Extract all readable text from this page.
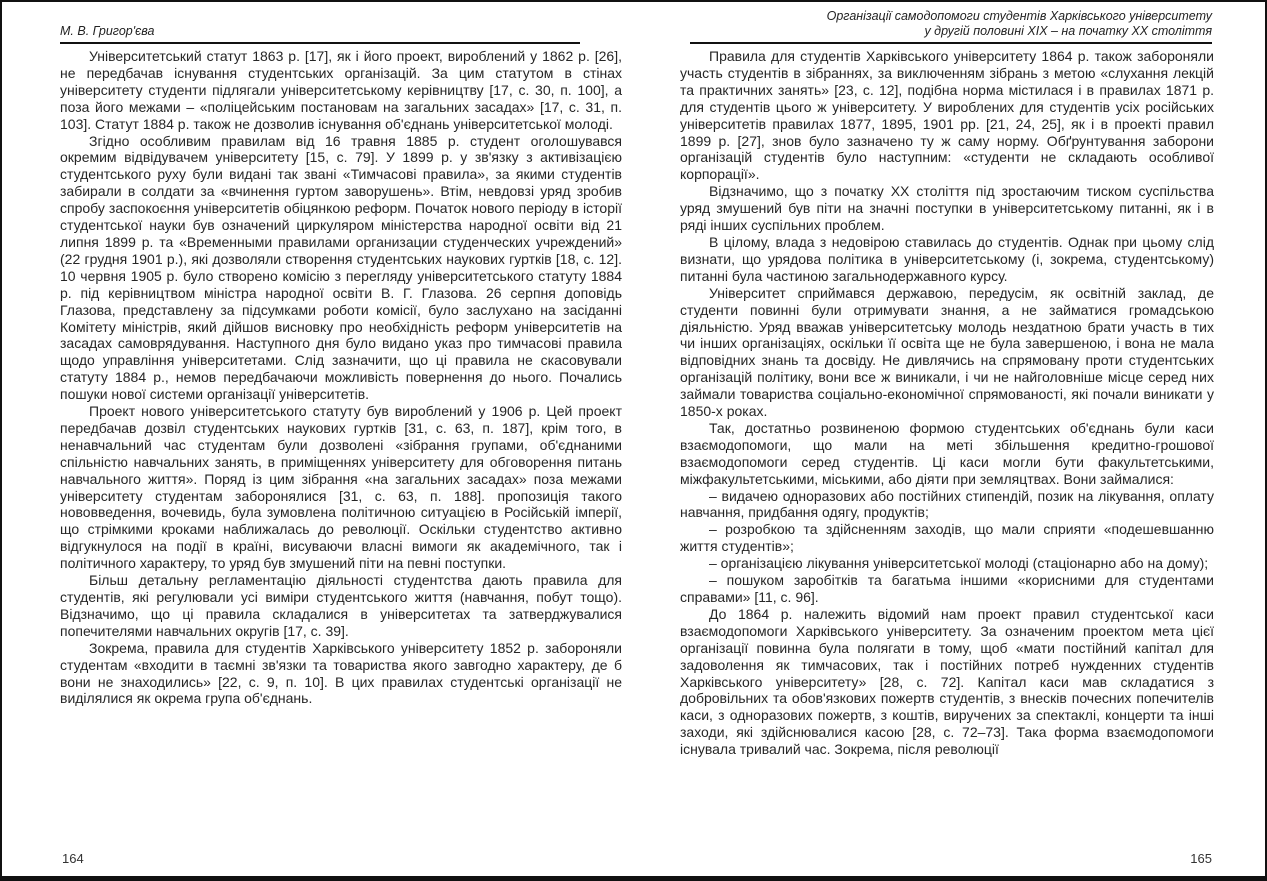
М. В. Григор'єва
Організації самодопомоги студентів Харківського університету
у другій половині XIX – на початку XX століття

Університетський статут 1863 р. [17], як і його проект, вироблений у 1862 р. [26], не передбачав існування студентських організацій. За цим статутом в стінах університету студенти підлягали університетському керівництву [17, с. 30, п. 100], а поза його межами – «поліцейським постановам на загальних засадах» [17, с. 31, п. 103]. Статут 1884 р. також не дозволив існування об'єднань університетської молоді.

Згідно особливим правилам від 16 травня 1885 р. студент оголошувався окремим відвідувачем університету [15, с. 79]. У 1899 р. у зв'язку з активізацією студентського руху були видані так звані «Тимчасові правила», за якими студентів забирали в солдати за «вчинення гуртом заворушень». Втім, невдовзі уряд зробив спробу заспокоєння університетів обіцянкою реформ. Початок нового періоду в історії студентської науки був означений циркуляром міністерства народної освіти від 21 липня 1899 р. та «Временными правилами организации студенческих учреждений» (22 грудня 1901 р.), які дозволяли створення студентських наукових гуртків [18, с. 12]. 10 червня 1905 р. було створено комісію з перегляду університетського статуту 1884 р. під керівництвом міністра народної освіти В. Г. Глазова. 26 серпня доповідь Глазова, представлену за підсумками роботи комісії, було заслухано на засіданні Комітету міністрів, який дійшов висновку про необхідність реформ університетів на засадах самоврядування. Наступного дня було видано указ про тимчасові правила щодо управління університетами. Слід зазначити, що ці правила не скасовували статуту 1884 р., немов передбачаючи можливість повернення до нього. Почались пошуки нової системи організації університетів.

Проект нового університетського статуту був вироблений у 1906 р. Цей проект передбачав дозвіл студентських наукових гуртків [31, с. 63, п. 187], крім того, в ненавчальний час студентам були дозволені «зібрання групами, об'єднаними спільністю навчальних занять, в приміщеннях університету для обговорення питань навчального життя». Поряд із цим зібрання «на загальних засадах» поза межами університету студентам заборонялися [31, с. 63, п. 188]. пропозиція такого нововведення, вочевидь, була зумовлена політичною ситуацією в Російській імперії, що стрімкими кроками наближалась до революції. Оскільки студентство активно відгукнулося на події в країні, висуваючи власні вимоги як академічного, так і політичного характеру, то уряд був змушений піти на певні поступки.

Більш детальну регламентацію діяльності студентства дають правила для студентів, які регулювали усі виміри студентського життя (навчання, побут тощо). Відзначимо, що ці правила складалися в університетах та затверджувалися попечителями навчальних округів [17, с. 39].

Зокрема, правила для студентів Харківського університету 1852 р. забороняли студентам «входити в таємні зв'язки та товариства якого завгодно характеру, де б вони не знаходились» [22, с. 9, п. 10]. В цих правилах студентські організації не виділялися як окрема група об'єднань.

Правила для студентів Харківського університету 1864 р. також забороняли участь студентів в зібраннях, за виключенням зібрань з метою «слухання лекцій та практичних занять» [23, с. 12], подібна норма містилася і в правилах 1871 р. для студентів цього ж університету. У вироблених для студентів усіх російських університетів правилах 1877, 1895, 1901 рр. [21, 24, 25], як і в проекті правил 1899 р. [27], знов було зазначено ту ж саму норму. Обґрунтування заборони організацій студентів було наступним: «студенти не складають особливої корпорації».

Відзначимо, що з початку XX століття під зростаючим тиском суспільства уряд змушений був піти на значні поступки в університетському питанні, як і в ряді інших суспільних проблем.

В цілому, влада з недовірою ставилась до студентів. Однак при цьому слід визнати, що урядова політика в університетському (і, зокрема, студентському) питанні була частиною загальнодержавного курсу.

Університет сприймався державою, передусім, як освітній заклад, де студенти повинні були отримувати знання, а не займатися громадською діяльністю. Уряд вважав університетську молодь нездатною брати участь в тих чи інших організаціях, оскільки її освіта ще не була завершеною, і вона не мала відповідних знань та досвіду. Не дивлячись на спрямовану проти студентських організацій політику, вони все ж виникали, і чи не найголовніше місце серед них займали товариства соціально-економічної спрямованості, які почали виникати у 1850-х роках.

Так, достатньо розвиненою формою студентських об'єднань були каси взаємодопомоги, що мали на меті збільшення кредитно-грошової взаємодопомоги серед студентів. Ці каси могли бути факультетськими, міжфакультетськими, міськими, або діяти при земляцтвах. Вони займалися:

– видачею одноразових або постійних стипендій, позик на лікування, оплату навчання, придбання одягу, продуктів;

– розробкою та здійсненням заходів, що мали сприяти «подешевшанню життя студентів»;

– організацією лікування університетської молоді (стаціонарно або на дому);

– пошуком заробітків та багатьма іншими «корисними для студентами справами» [11, с. 96].

До 1864 р. належить відомий нам проект правил студентської каси взаємодопомоги Харківського університету. За означеним проектом мета цієї організації повинна була полягати в тому, щоб «мати постійний капітал для задоволення як тимчасових, так і постійних потреб нужденних студентів Харківського університету» [28, с. 72]. Капітал каси мав складатися з добровільних та обов'язкових пожертв студентів, з внесків почесних попечителів каси, з одноразових пожертв, з коштів, виручених за спектаклі, концерти та інші заходи, які здійснювалися касою [28, с. 72–73]. Така форма взаємодопомоги існувала тривалий час. Зокрема, після революції

164	165
